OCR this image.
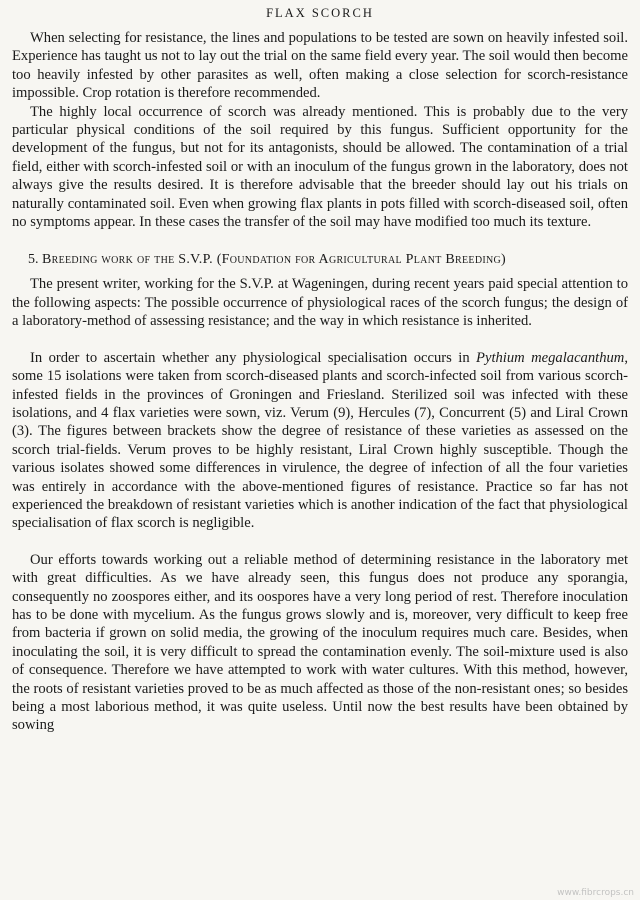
FLAX SCORCH

When selecting for resistance, the lines and populations to be tested are sown on heavily infested soil. Experience has taught us not to lay out the trial on the same field every year. The soil would then become too heavily infested by other parasites as well, often making a close selection for scorch-resistance impossible. Crop rotation is therefore recommended.

The highly local occurrence of scorch was already mentioned. This is probably due to the very particular physical conditions of the soil required by this fungus. Sufficient opportunity for the development of the fungus, but not for its antagonists, should be allowed. The contamination of a trial field, either with scorch-infested soil or with an inoculum of the fungus grown in the laboratory, does not always give the results desired. It is therefore advisable that the breeder should lay out his trials on naturally contaminated soil. Even when growing flax plants in pots filled with scorch-diseased soil, often no symptoms appear. In these cases the transfer of the soil may have modified too much its texture.

5. Breeding work of the S.V.P. (Foundation for Agricultural Plant Breeding)

The present writer, working for the S.V.P. at Wageningen, during recent years paid special attention to the following aspects: The possible occurrence of physiological races of the scorch fungus; the design of a laboratory-method of assessing resistance; and the way in which resistance is inherited.

In order to ascertain whether any physiological specialisation occurs in Pythium megalacanthum, some 15 isolations were taken from scorch-diseased plants and scorch-infected soil from various scorch-infested fields in the provinces of Groningen and Friesland. Sterilized soil was infected with these isolations, and 4 flax varieties were sown, viz. Verum (9), Hercules (7), Concurrent (5) and Liral Crown (3). The figures between brackets show the degree of resistance of these varieties as assessed on the scorch trial-fields. Verum proves to be highly resistant, Liral Crown highly susceptible. Though the various isolates showed some differences in virulence, the degree of infection of all the four varieties was entirely in accordance with the above-mentioned figures of resistance. Practice so far has not experienced the breakdown of resistant varieties which is another indication of the fact that physiological specialisation of flax scorch is negligible.

Our efforts towards working out a reliable method of determining resistance in the laboratory met with great difficulties. As we have already seen, this fungus does not produce any sporangia, consequently no zoospores either, and its oospores have a very long period of rest. Therefore inoculation has to be done with mycelium. As the fungus grows slowly and is, moreover, very difficult to keep free from bacteria if grown on solid media, the growing of the inoculum requires much care. Besides, when inoculating the soil, it is very difficult to spread the contamination evenly. The soil-mixture used is also of consequence. Therefore we have attempted to work with water cultures. With this method, however, the roots of resistant varieties proved to be as much affected as those of the non-resistant ones; so besides being a most laborious method, it was quite useless. Until now the best results have been obtained by sowing

www.fibrcrops.cn
